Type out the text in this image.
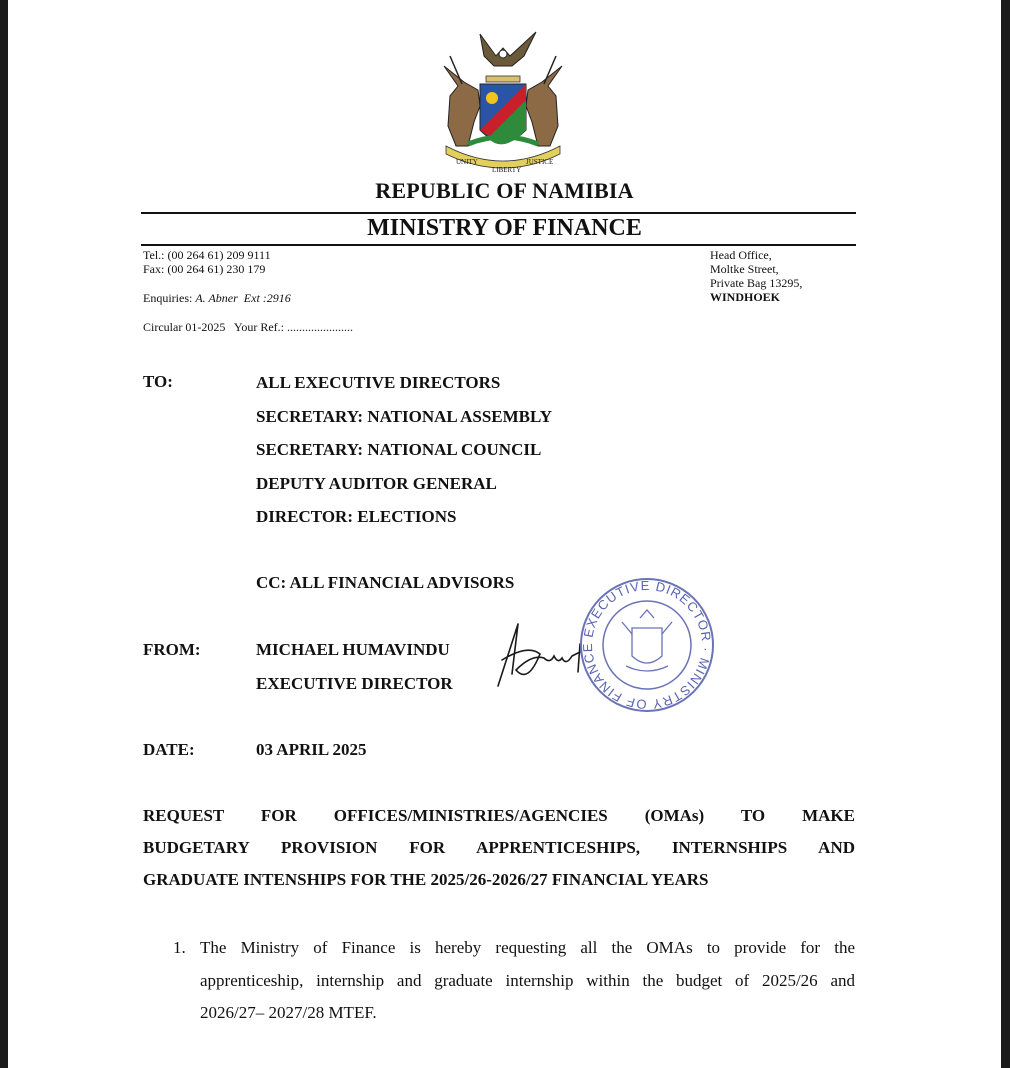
UNITY
LIBERTY
JUSTICE
REPUBLIC OF NAMIBIA
MINISTRY OF FINANCE
Tel.: (00 264 61) 209 9111
Fax: (00 264 61) 230 179
Enquiries: A. Abner Ext :2916
Circular 01-2025 Your Ref.: ......................
Head Office,
Moltke Street,
Private Bag 13295,
WINDHOEK
TO:	ALL EXECUTIVE DIRECTORS
SECRETARY: NATIONAL ASSEMBLY
SECRETARY: NATIONAL COUNCIL
DEPUTY AUDITOR GENERAL
DIRECTOR: ELECTIONS
CC: ALL FINANCIAL ADVISORS
FROM:	MICHAEL HUMAVINDU
EXECUTIVE DIRECTOR
EXECUTIVE DIRECTOR · MINISTRY OF FINANCE
DATE:	03 APRIL 2025
REQUEST FOR OFFICES/MINISTRIES/AGENCIES (OMAs) TO MAKE
BUDGETARY PROVISION FOR APPRENTICESHIPS, INTERNSHIPS AND
GRADUATE INTENSHIPS FOR THE 2025/26-2026/27 FINANCIAL YEARS
1. The Ministry of Finance is hereby requesting all the OMAs to provide for the
apprenticeship, internship and graduate internship within the budget of 2025/26 and
2026/27– 2027/28 MTEF.
